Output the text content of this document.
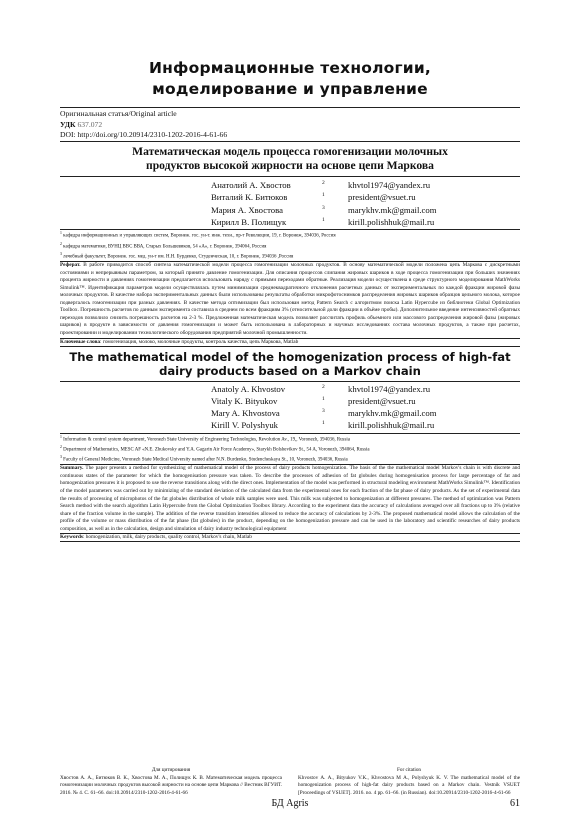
Информационные технологии,
моделирование и управление
Оригинальная статья/Original article
УДК 637.072
DOI: http://doi.org/10.20914/2310-1202-2016-4-61-66
Математическая модель процесса гомогенизации молочных
продуктов высокой жирности на основе цепи Маркова
Анатолий А. Хвостов	2	khvtol1974@yandex.ru
Виталий К. Битюков	1	president@vsuet.ru
Мария А. Хвостова	3	marykhv.mk@gmail.com
Кирилл В. Полищук	1	kirill.polishhuk@mail.ru
$^1$ кафедра информационных и управляющих систем, Воронеж. гос. ун-т. инж. техн., пр-т Революции, 19, г. Воронеж, 394036, Россия
$^2$ кафедра математики, ВУНЦ ВВС ВВА, Старых Большевиков, 54 «А», г. Воронеж, 394064, Россия
$^3$ лечебный факультет, Воронеж. гос. мед. ун-т им. Н.Н. Бурденко, Студенческая, 10, г. Воронеж, 394036 ,Россия
Реферат. В работе приводится способ синтеза математической модели процесса гомогенизации молочных продуктов. В основу математической модели положена цепь Маркова с дискретными состояниями и непрерывным параметром, за который принято давление гомогенизации. Для описания процессов слипания жировых шариков в ходе процесса гомогенизации при больших значениях процента жирности и давлениях гомогенизации предлагается использовать наряду с прямыми переходами обратные. Реализация модели осуществлена в среде структурного моделирования MathWorks Simulink™. Идентификация параметров модели осуществлялась путем минимизации среднеквадратичного отклонения расчетных данных от экспериментальных по каждой фракции жировой фазы молочных продуктов. В качестве набора экспериментальных данных были использованы результаты обработки микрофотоснимков распределения жировых шариков образцов цельного молока, которое подвергалось гомогенизации при разных давлениях. В качестве метода оптимизации был использован метод Pattern Search с алгоритмом поиска Latin Hypercube из библиотеки Global Optimization Toolbox. Погрешность расчетов по данным эксперимента составила в среднем по всем фракциям 3% (относительной доли фракции в объёме пробы). Дополнительное введение интенсивностей обратных переходов позволило снизить погрешность расчетов на 2-3 %. Предложенная математическая модель позволяет рассчитать профиль объемного или массового распределения жировой фазы (жировых шариков) в продукте в зависимости от давления гомогенизации и может быть использована в лабораторных и научных исследованиях состава молочных продуктов, а также при расчетах, проектировании и моделировании технологического оборудования предприятий молочной промышленности.
Ключевые слова: гомогенизация, молоко, молочные продукты, контроль качества, цепь Маркова, Matlab
The mathematical model of the homogenization process of high-fat
dairy products based on a Markov chain
Anatoly A. Khvostov	2	khvtol1974@yandex.ru
Vitaly K. Bityukov	1	president@vsuet.ru
Mary A. Khvostova	3	marykhv.mk@gmail.com
Kirill V. Polyshyuk	1	kirill.polishhuk@mail.ru
$^1$ Information & control system department, Voronezh State University of Engineering Technologies, Revolution Av., 19,, Voronezh, 394036, Russia
$^2$ Department of Mathematics, MESC AF «N.E. Zhukovsky and Y.A. Gagarin Air Force Academy», Starykh Bolshevikov St., 54 A, Voronezh, 394064, Russia
$^3$ Faculty of General Medicine, Voronezh State Medical University named after N.N. Burdenko, Studencheskaya St., 10, Voronezh, 394036, Russia
Summary. The paper presents a method for synthesizing of mathematical model of the process of dairy products homogenization. The basis of the the mathematical model Markov's chain is with discrete and continuous states of the parameter for which the homogenisation pressure was taken. To describe the processes of adhesion of fat globules during homogenisation process for large percentage of fat and homogenization pressures it is proposed to use the reverse transitions along with the direct ones. Implementation of the model was performed in structural modeling environment MathWorks Simulink™. Identification of the model parameters was carried out by minimizing of the standard deviation of the calculated data from the experimental ones for each fraction of the fat phase of dairy products. As the set of experimental data the results of processing of microphotos of the fat globules distribution of whole milk samples were used. This milk was subjected to homogenization at different pressures. The method of optimization was Pattern Search method with the search algorithm Latin Hypercube from the Global Optimization Toolbox library. According to the experiment data the accuracy of calculations averaged over all fractions up to 3% (relative share of the fraction volume in the sample). The addition of the reverse transition intensities allowed to reduce the accuracy of calculations by 2-3%. The proposed mathematical model allows the calculation of the profile of the volume or mass distribution of the fat phase (fat globules) in the product, depending on the homogenization pressure and can be used in the laboratory and scientific researches of dairy products composition, as well as in the calculation, design and simulation of dairy industry technological equipment
Keywords: homogenization, milk, dairy products, quality control, Markov's chain, Matlab
Для цитирования
Хвостов А. А., Битюков В. К., Хвостова М. А., Полищук К. В. Математическая модель процесса гомогенизации молочных продуктов высокой жирности на основе цепи Маркова // Вестник ВГУИТ. 2016. № 4. С. 61–66. doi:10.20914/2310-1202-2016-4-61-66
For citation
Khvostov A. A., Bityukov V.K., Khvostova M A., Polyshyuk K. V. The mathematical model of the homogenization process of high-fat dairy products based on a Markov chain. Vestnik VSUET [Proceedings of VSUET]. 2016. no. 4 pp. 61–66. (in Russian). doi:10.20914/2310-1202-2016-4-61-66
БД Agris	61
